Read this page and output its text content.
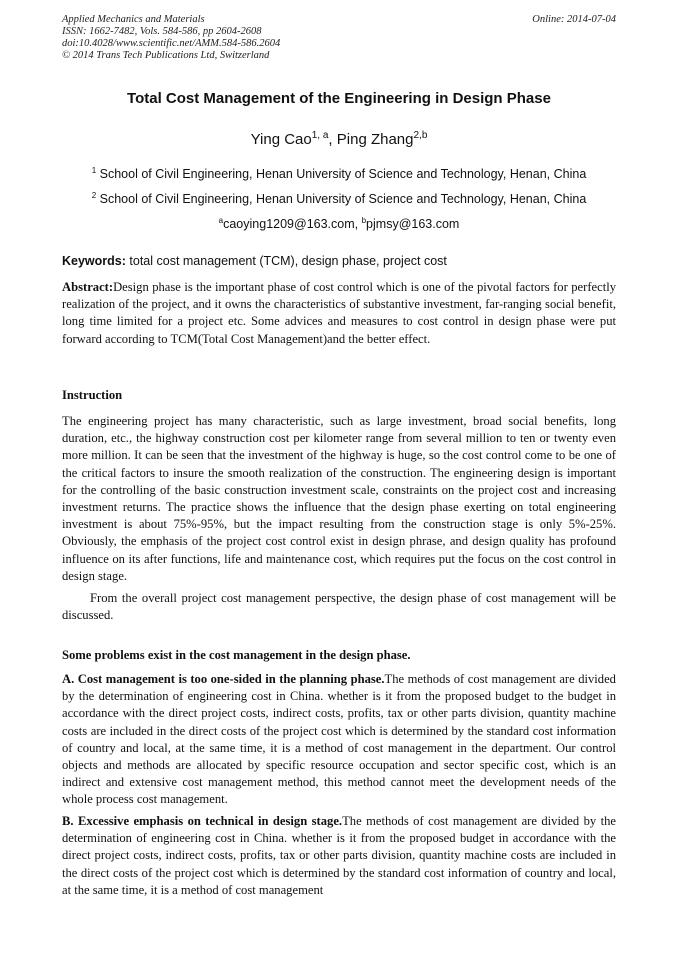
Applied Mechanics and Materials
ISSN: 1662-7482, Vols. 584-586, pp 2604-2608
doi:10.4028/www.scientific.net/AMM.584-586.2604
© 2014 Trans Tech Publications Ltd, Switzerland
Online: 2014-07-04
Total Cost Management of the Engineering in Design Phase
Ying Cao$^{1, a}$, Ping Zhang$^{2,b}$
$^1$ School of Civil Engineering, Henan University of Science and Technology, Henan, China
$^2$ School of Civil Engineering, Henan University of Science and Technology, Henan, China
$^a$caoying1209@163.com, $^b$pjmsy@163.com
Keywords: total cost management (TCM), design phase, project cost
Abstract:Design phase is the important phase of cost control which is one of the pivotal factors for perfectly realization of the project, and it owns the characteristics of substantive investment, far-ranging social benefit, long time limited for a project etc. Some advices and measures to cost control in design phase were put forward according to TCM(Total Cost Management)and the better effect.
Instruction
The engineering project has many characteristic, such as large investment, broad social benefits, long duration, etc., the highway construction cost per kilometer range from several million to ten or twenty even more million. It can be seen that the investment of the highway is huge, so the cost control come to be one of the critical factors to insure the smooth realization of the construction. The engineering design is important for the controlling of the basic construction investment scale, constraints on the project cost and increasing investment returns. The practice shows the influence that the design phase exerting on total engineering investment is about 75%-95%, but the impact resulting from the construction stage is only 5%-25%. Obviously, the emphasis of the project cost control exist in design phrase, and design quality has profound influence on its after functions, life and maintenance cost, which requires put the focus on the cost control in design stage.
From the overall project cost management perspective, the design phase of cost management will be discussed.
Some problems exist in the cost management in the design phase.
A. Cost management is too one-sided in the planning phase.The methods of cost management are divided by the determination of engineering cost in China. whether is it from the proposed budget to the budget in accordance with the direct project costs, indirect costs, profits, tax or other parts division, quantity machine costs are included in the direct costs of the project cost which is determined by the standard cost information of country and local, at the same time, it is a method of cost management in the department. Our control objects and methods are allocated by specific resource occupation and sector specific cost, which is an indirect and extensive cost management method, this method cannot meet the development needs of the whole process cost management.
B. Excessive emphasis on technical in design stage.The methods of cost management are divided by the determination of engineering cost in China. whether is it from the proposed budget in accordance with the direct project costs, indirect costs, profits, tax or other parts division, quantity machine costs are included in the direct costs of the project cost which is determined by the standard cost information of country and local, at the same time, it is a method of cost management
